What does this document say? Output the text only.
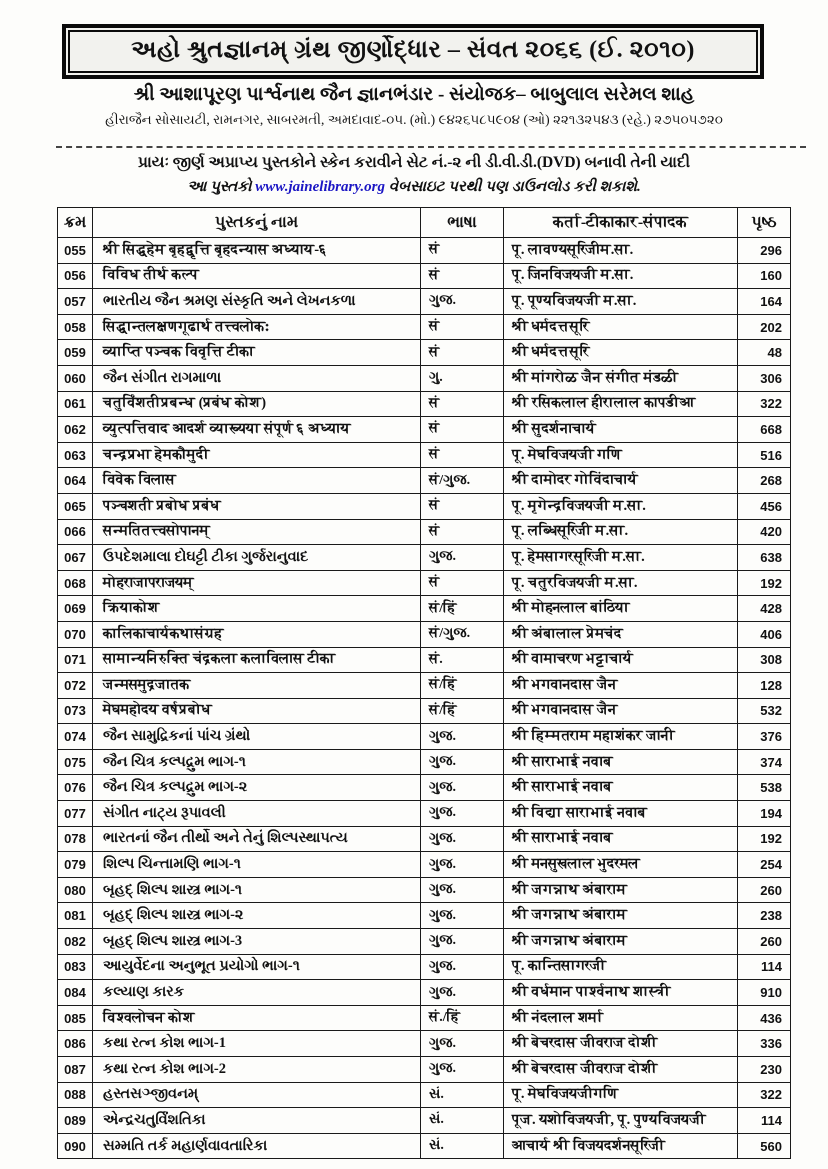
અહો શ્રુતજ્ઞાનમ્ ગ્રંથ જીર્ણોદ્ધાર – સંવત ૨૦૬૬ (ઈ. ૨૦૧૦)
શ્રી આશાપૂરણ પાર્શ્વનાથ જૈન જ્ઞાનભંડાર - સંયોજક– બાબુલાલ સરેમલ શાહ
હીરાજૈન સોસાયટી, રામનગર, સાબરમતી, અમદાવાદ-૦૫. (મો.) ૯૪૨૬૫૮૫૯૦૪ (ઓ) ૨૨૧૩૨૫૪૩ (રહે.) ૨૭૫૦૫૭૨૦
પ્રાયઃ જીર્ણ અપ્રાપ્ય પુસ્તકોને સ્કેન કરાવીને સેટ નં.-૨ ની ડી.વી.ડી.(DVD) બનાવી તેની યાદી
આ પુસ્તકો www.jainelibrary.org વેબસાઇટ પરથી પણ ડાઉનલોડ કરી શકાશે.
ક્રમ	પુસ્તકનું નામ	ભાષા	कर्ता-टीकाकार-संपादक	પૃષ્ઠ
055	श्री सिद्धहेम बृहद्वृत्ति बृहदन्यास अध्याय-६	सं	पू. लावण्यसूरिजीम.सा.	296
056	विविध तीर्थ कल्प	सं	पू. जिनविजयजी म.सा.	160
057	ભારતીય જૈન શ્રમણ સંસ્કૃતિ અને લેખનકળા	ગુજ.	पू. पूण्यविजयजी म.सा.	164
058	सिद्धान्तलक्षणगूढार्थ तत्त्वलोकः	सं	श्री धर्मदत्तसूरि	202
059	व्याप्ति पञ्चक विवृत्ति टीका	सं	श्री धर्मदत्तसूरि	48
060	જૈન સંગીત રાગમાળા	ગુ.	श्री मांगरोळ जैन संगीत मंडळी	306
061	चतुर्विंशतीप्रबन्ध (प्रबंध कोश)	सं	श्री रसिकलाल हीरालाल कापडीआ	322
062	व्युत्पत्तिवाद आदर्श व्याख्यया संपूर्ण ६ अध्याय	सं	श्री सुदर्शनाचार्य	668
063	चन्द्रप्रभा हेमकौमुदी	सं	पू. मेघविजयजी गणि	516
064	विवेक विलास	सं/ગુજ.	श्री दामोदर गोविंदाचार्य	268
065	पञ्चशती प्रबोध प्रबंध	सं	पू. मृगेन्द्रविजयजी म.सा.	456
066	सन्मतितत्त्वसोपानम्	सं	पू. लब्धिसूरिजी म.सा.	420
067	ઉપદેશમાલા દોઘટ્ટી ટીકા ગુર્જરાનુવાદ	ગુજ.	पू. हेमसागरसूरिजी म.सा.	638
068	मोहराजापराजयम्	सं	पू. चतुरविजयजी म.सा.	192
069	क्रियाकोश	सं/हिं	श्री मोहनलाल बांठिया	428
070	कालिकाचार्यकथासंग्रह	सं/ગુજ.	श्री अंबालाल प्रेमचंद	406
071	सामान्यनिरुक्ति चंद्रकला कलाविलास टीका	सं.	श्री वामाचरण भट्टाचार्य	308
072	जन्मसमुद्रजातक	सं/हिं	श्री भगवानदास जैन	128
073	मेघमहोदय वर्षप्रबोध	सं/हिं	श्री भगवानदास जैन	532
074	જૈન સામુદ્રિકનાં પાંચ ગ્રંથો	ગુજ.	श्री हिम्मतराम महाशंकर जानी	376
075	જૈન ચિત્ર કલ્પદ્રુમ ભાગ-૧	ગુજ.	श्री साराभाई नवाब	374
076	જૈન ચિત્ર કલ્પદ્રુમ ભાગ-૨	ગુજ.	श्री साराभाई नवाब	538
077	સંગીત નાટ્ય રૂપાવલી	ગુજ.	श्री विद्या साराभाई नवाब	194
078	ભારતનાં જૈન તીર્થો અને તેનું શિલ્પસ્થાપત્ય	ગુજ.	श्री साराभाई नवाब	192
079	શિલ્પ ચિન્તામણિ ભાગ-૧	ગુજ.	श्री मनसुखलाल भुदरमल	254
080	બૃહદ્ શિલ્પ શાસ્ત્ર ભાગ-૧	ગુજ.	श्री जगन्नाथ अंबाराम	260
081	બૃહદ્ શિલ્પ શાસ્ત્ર ભાગ-૨	ગુજ.	श्री जगन्नाथ अंबाराम	238
082	બૃહદ્ શિલ્પ શાસ્ત્ર ભાગ-3	ગુજ.	श्री जगन्नाथ अंबाराम	260
083	આયુર્વેદના અનુભૂત પ્રયોગો ભાગ-૧	ગુજ.	पू. कान्तिसागरजी	114
084	કલ્યાણ કારક	ગુજ.	श्री वर्धमान पार्श्वनाथ शास्त्री	910
085	विश्वलोचन कोश	सं./हिं	श्री नंदलाल शर्मा	436
086	કથા રત્ન કોશ ભાગ-1	ગુજ.	श्री बेचरदास जीवराज दोशी	336
087	કથા રત્ન કોશ ભાગ-2	ગુજ.	श्री बेचरदास जीवराज दोशी	230
088	હસ્તસઞ્જીવનમ્	સં.	पू. मेघविजयजीगणि	322
089	એન્દ્રચતુર્વિંશતિકા	સં.	पूज. यशोविजयजी, पू. पुण्यविजयजी	114
090	સમ્મતિ તર્ક મહાર્ણવાવતારિકા	સં.	आचार्य श्री विजयदर्शनसूरिजी	560
